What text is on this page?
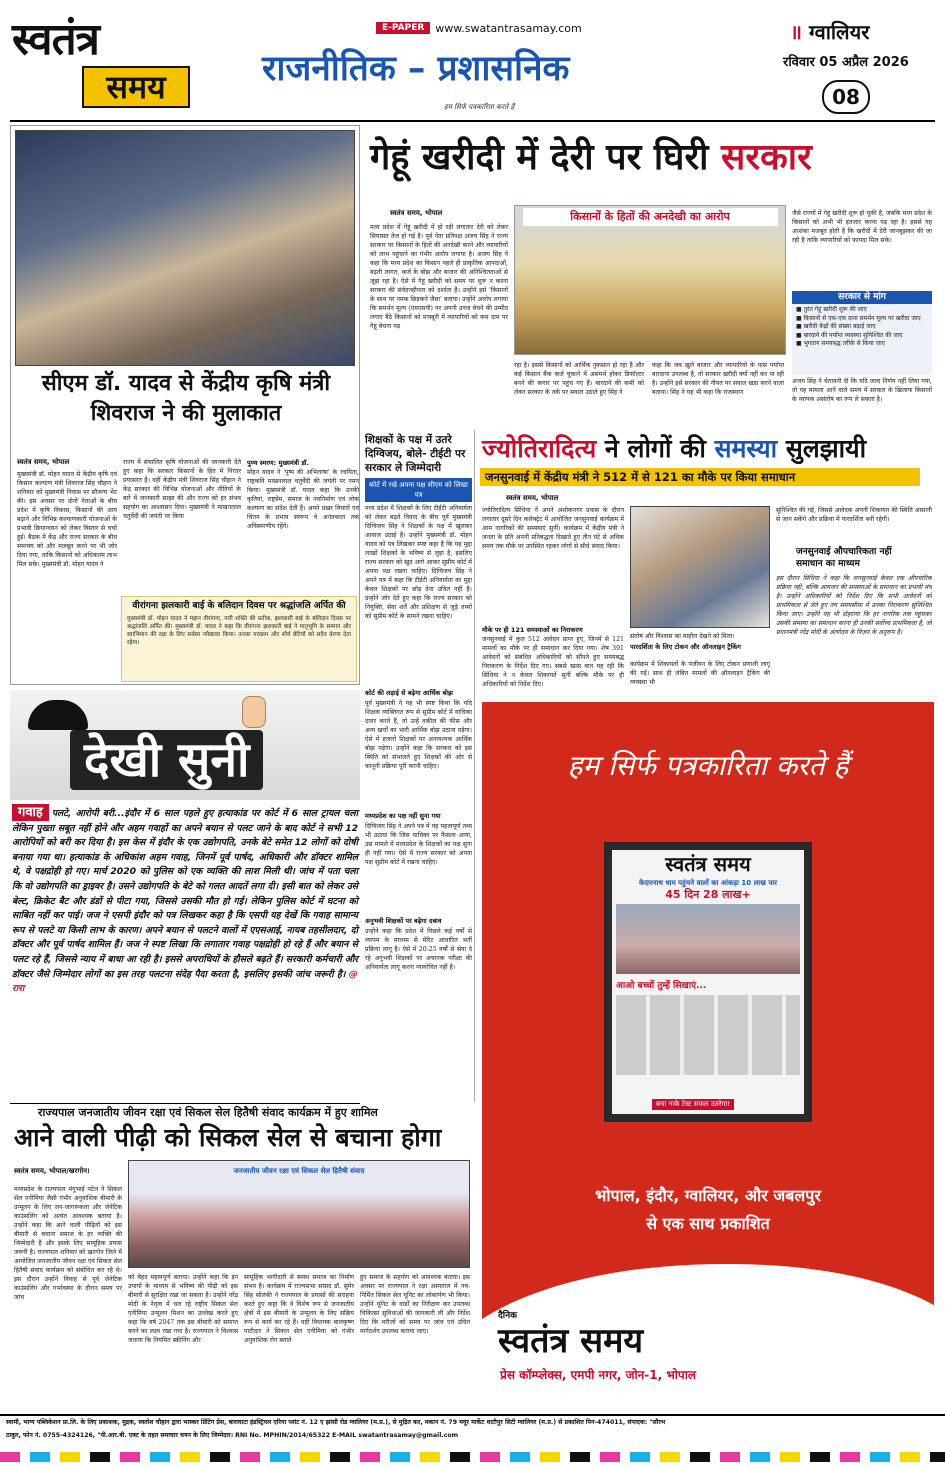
स्वतंत्र
समय
E-PAPER	www.swatantrasamay.com
राजनीतिक – प्रशासनिक
॥ ग्वालियर
रविवार 05 अप्रैल 2026
08
हम सिर्फ पत्रकारिता करते हैं
सीएम डॉ. यादव से केंद्रीय कृषि मंत्री शिवराज ने की मुलाकात
स्वतंत्र समय, भोपाल
मुख्यमंत्री डॉ. मोहन यादव से केंद्रीय कृषि एवं किसान कल्याण मंत्री शिवराज सिंह चौहान ने शनिवार को मुख्यमंत्री निवास पर सौजन्य भेंट की। इस अवसर पर दोनों नेताओं के बीच प्रदेश में कृषि विकास, किसानों की आय बढ़ाने और विभिन्न कल्याणकारी योजनाओं के प्रभावी क्रियान्वयन को लेकर विस्तार से चर्चा हुई। बैठक में केंद्र और राज्य सरकार के बीच समन्वय को और मजबूत करने पर भी जोर दिया गया, ताकि किसानों को अधिकतम लाभ मिल सके। मुख्यमंत्री डॉ. मोहन यादव ने
राज्य में संचालित कृषि योजनाओं की जानकारी देते हुए कहा कि सरकार किसानों के हित में निरंतर प्रयासरत है। वहीं केंद्रीय मंत्री शिवराज सिंह चौहान ने केंद्र सरकार की विभिन्न योजनाओं और नीतियों के बारे में जानकारी साझा की और राज्य को हर संभव सहयोग का आश्वासन दिया। मुख्यमंत्री ने माखनलाल चतुर्वेदी की जयंती पर किया
पुण्य स्मरण: मुख्यमंत्री डॉ.
मोहन यादव ने 'पुष्प की अभिलाषा' के रचयिता, राष्ट्रकवि माखनलाल चतुर्वेदी की जयंती पर नमन किया। मुख्यमंत्री डॉ. यादव कहा कि उनकी कृतियां, राष्ट्रप्रेम, समाज के नवनिर्माण एवं लोक कल्याण का संदेश देती हैं। अपने प्रखर विचारों एवं चिंतन के प्रभाव स्वरूप वे अनंतकाल तक अविस्मरणीय रहेंगे।
वीरांगना झलकारी बाई के बलिदान दिवस पर श्रद्धांजलि अर्पित की
मुख्यमंत्री डॉ. मोहन यादव ने महान वीरांगना, नारी शक्ति की प्रतीक, झलकारी बाई के बलिदान दिवस पर श्रद्धांजलि अर्पित की। मुख्यमंत्री डॉ. यादव ने कहा कि वीरांगना झलकारी बाई ने मातृभूमि के सम्मान और स्वाभिमान की रक्षा के लिए सर्वस्व न्यौछावर किया। उनका पराक्रम और शौर्य बेटियों को सदैव प्रेरणा देता रहेगा।
गेहूं खरीदी में देरी पर घिरी सरकार
स्वतंत्र समय, भोपाल
मध्य प्रदेश में गेहूं खरीदी में हो रही लगातार देरी को लेकर सियासत तेज हो गई है। पूर्व नेता प्रतिपक्ष अजय सिंह ने राज्य सरकार पर किसानों के हितों की अनदेखी करने और व्यापारियों को लाभ पहुंचाने का गंभीर आरोप लगाया है। अजय सिंह ने कहा कि मध्य प्रदेश का किसान पहले ही प्राकृतिक आपदाओं, बढ़ती लागत, कर्ज के बोझ और बाजार की अनिश्चितताओं से जूझ रहा है। ऐसे में गेहूं खरीदी को समय पर शुरू न करना सरकार की संवेदनहीनता को दर्शाता है। उन्होंने इसे 'किसानों के साथ पर नमक छिड़कने जैसा' बताया। उन्होंने आरोप लगाया कि समर्थन मूल्य (एमएसपी) पर अपनी उपज बेचने की उम्मीद लगाए बैठे किसानों को मजबूरी में व्यापारियों को कम दाम पर गेहूं बेचना पड़
किसानों के हितों की अनदेखी का आरोप
रहा है। इससे किसानों को आर्थिक नुकसान हो रहा है और कई किसान बैंक कर्ज चुकाने में असमर्थ होकर डिफॉल्टर बनने की कगार पर पहुंच गए हैं। बारदाने की कमी को लेकर सरकार के तर्क पर सवाल उठाते हुए सिंह ने
कहा कि जब खुले बाजार और व्यापारियों के पास पर्याप्त बारदाना उपलब्ध है, तो सरकार खरीदी क्यों नहीं कर पा रही है। उन्होंने इसे सरकार की नीयत पर सवाल खड़ा करने वाला बताया। सिंह ने यह भी कहा कि राजस्थान
जैसे राज्यों में गेहूं खरीदी शुरू हो चुकी है, जबकि मध्य प्रदेश के किसानों को अभी भी इंतजार करना पड़ रहा है। इससे यह आशंका मजबूत होती है कि खरीदी में देरी जानबूझकर की जा रही है ताकि व्यापारियों को फायदा मिल सके।
सरकार से मांग
■ तुरंत गेहूं खरीदी शुरू की जाए
■ किसानों से एक-एक दाना समर्थन मूल्य पर खरीदा जाए
■ खरीदी केंद्रों की संख्या बढ़ाई जाए
■ बारदाने की पर्याप्त व्यवस्था सुनिश्चित की जाए
■ भुगतान समयबद्ध तरीके से किया जाए
अजय सिंह ने चेतावनी दी कि यदि जल्द निर्णय नहीं लिया गया, तो यह मामला आने वाले समय में सरकार के खिलाफ किसानों के व्यापक असंतोष का रूप ले सकता है।
शिक्षकों के पक्ष में उतरे दिग्विजय, बोले- टीईटी पर सरकार ले जिम्मेदारी
कोर्ट में रखे अपना पक्ष सीएम को लिखा पत्र
मध्य प्रदेश में शिक्षकों के लिए टीईटी अनिवार्यता को लेकर बढ़ते विवाद के बीच पूर्व मुख्यमंत्री दिग्विजय सिंह ने शिक्षकों के पक्ष में खुलकर आवाज उठाई है। उन्होंने मुख्यमंत्री डॉ. मोहन यादव को पत्र लिखकर स्पष्ट कहा है कि यह मुद्दा लाखों शिक्षकों के भविष्य से जुड़ा है, इसलिए राज्य सरकार को खुद आगे आकर सुप्रीम कोर्ट में अपना पक्ष रखना चाहिए। दिग्विजय सिंह ने अपने पत्र में कहा कि टीईटी अनिवार्यता का मुद्दा केवल शिक्षकों पर छोड़ देना उचित नहीं है। उन्होंने जोर देते हुए कहा कि राज्य सरकार को नियुक्ति, सेवा शर्तें और प्रशिक्षण से जुड़े तथ्यों को सुप्रीम कोर्ट के सामने रखना चाहिए।
कोर्ट की लड़ाई से बढ़ेगा आर्थिक बोझ
पूर्व मुख्यमंत्री ने यह भी स्पष्ट किया कि यदि शिक्षक व्यक्तिगत रूप से सुप्रीम कोर्ट में याचिका दायर करते हैं, तो उन्हें वकील की फीस और अन्य खर्चों का भारी आर्थिक बोझ उठाना पड़ेगा। ऐसे में हजारों शिक्षकों पर अनावश्यक आर्थिक बोझ पड़ेगा। उन्होंने कहा कि सरकार को इस स्थिति को संभालते हुए शिक्षकों की ओर से कानूनी प्रक्रिया पूरी करनी चाहिए।
मध्यप्रदेश का पक्ष नहीं सुना गया
दिग्विजय सिंह ने अपने पत्र में यह महत्वपूर्ण तथ्य भी उठाया कि जिस याचिका पर फैसला आया, उस मामले में मध्यप्रदेश के शिक्षकों का पक्ष सुना ही नहीं गया। ऐसे में राज्य सरकार को अपना पक्ष सुप्रीम कोर्ट में रखना चाहिए।
अनुभवी शिक्षकों पर बढ़ेगा दबाव
उन्होंने कहा कि प्रदेश में पिछले कई वर्षों से व्यापम के माध्यम से मेरिट आधारित भर्ती प्रक्रिया लागू है। ऐसे में 20-25 वर्षों से सेवा दे रहे अनुभवी शिक्षकों पर अचानक परीक्षा की अनिवार्यता लागू करना न्यायोचित नहीं है।
ज्योतिरादित्य ने लोगों की समस्या सुलझायी
जनसुनवाई में केंद्रीय मंत्री ने 512 में से 121 का मौके पर किया समाधान
स्वतंत्र समय, भोपाल
ज्योतिरादित्य सिंधिया ने अपने अशोकनगर प्रवास के दौरान लगातार दूसरे दिन कलेक्ट्रेट में आयोजित जनसुनवाई कार्यक्रम में आम नागरिकों की समस्याएं सुनीं। कार्यक्रम में केंद्रीय मंत्री ने जनता के प्रति अपनी प्रतिबद्धता दिखाते हुए तीन घंटे से अधिक समय तक मौके पर उपस्थित रहकर लोगों से सीधे संवाद किया।
मौके पर ही 121 समस्याओं का निराकरण
जनसुनवाई में कुल 512 आवेदन प्राप्त हुए, जिनमें से 121 मामलों का मौके पर ही समाधान कर दिया गया। शेष 391 आवेदनों को संबंधित अधिकारियों को सौंपते हुए समयबद्ध निराकरण के निर्देश दिए गए। सबसे खास बात यह रही कि सिंधिया ने न केवल शिकायतें सुनीं बल्कि मौके पर ही अधिकारियों को निर्देश दिए।
संतोष और विश्वास का माहौल देखने को मिला।
पारदर्शिता के लिए टोकन और ऑनलाइन ट्रैकिंग
कार्यक्रम में शिकायतों के पंजीयन के लिए टोकन प्रणाली लागू की गई। साथ ही लंबित मामलों की ऑनलाइन ट्रैकिंग की व्यवस्था भी
सुनिश्चित की गई, जिससे आवेदक अपनी शिकायत की स्थिति आसानी से जान सकेंगे और प्रक्रिया में पारदर्शिता बनी रहेगी।
जनसुनवाई औपचारिकता नहीं समाधान का माध्यम
इस दौरान सिंधिया ने कहा कि जनसुनवाई केवल एक औपचारिक प्रक्रिया नहीं, बल्कि आमजन की समस्याओं के समाधान का प्रभावी मंच है। उन्होंने अधिकारियों को निर्देश दिए कि सभी आवेदनों को प्राथमिकता से लेते हुए तय समयसीमा में उनका निराकरण सुनिश्चित किया जाए। उन्होंने यह भी दोहराया कि हर नागरिक तक पहुंचकर उसकी समस्या का समाधान करना ही उनकी सर्वोच्च प्राथमिकता है, जो प्रधानमंत्री नरेंद्र मोदी के अंत्योदय के विज़न के अनुरूप है।
देखी सुनी
गवाह पलटे, आरोपी बरी...इंदौर में 6 साल पहले हुए हत्याकांड पर कोर्ट में 6 साल ट्रायल चला लेकिन पुख्ता सबूत नहीं होने और अहम गवाहों का अपने बयान से पलट जाने के बाद कोर्ट ने सभी 12 आरोपियों को बरी कर दिया है। इस केस में इंदौर के एक उद्योगपति, उनके बेटे समेत 12 लोगों को दोषी बनाया गया था। हत्याकांड के अधिकांश अहम गवाह, जिनमें पूर्व पार्षद, अधिकारी और डॉक्टर शामिल थे, वे पक्षद्रोही हो गए। मार्च 2020 को पुलिस को एक व्यक्ति की लाश मिली थी। जांच में पता चला कि वो उद्योगपति का ड्राइवर है। उसने उद्योगपति के बेटे को गलत आदतें लगा दी। इसी बात को लेकर उसे बेल्ट, क्रिकेट बैट और डंडों से पीटा गया, जिससे उसकी मौत हो गई। लेकिन पुलिस कोर्ट में घटना को साबित नहीं कर पाई। जज ने एसपी इंदौर को पत्र लिखकर कहा है कि एसपी यह देखें कि गवाह सामान्य रूप से पलटे या किसी लाभ के कारण। अपने बयान से पलटने वालों में एएसआई, नायब तहसीलदार, दो डॉक्टर और पूर्व पार्षद शामिल हैं। जज ने स्पष्ट लिखा कि लगातार गवाह पक्षद्रोही हो रहे हैं और बयान से पलट रहे हैं, जिससे न्याय में बाधा आ रही है। इससे अपराधियों के हौसले बढ़ते हैं। सरकारी कर्मचारी और डॉक्टर जैसे जिम्मेदार लोगों का इस तरह पलटना संदेह पैदा करता है, इसलिए इसकी जांच जरूरी है। @ रारा
राज्यपाल जनजातीय जीवन रक्षा एवं सिकल सेल हितैषी संवाद कार्यक्रम में हुए शामिल
आने वाली पीढ़ी को सिकल सेल से बचाना होगा
स्वतंत्र समय, भोपाल/खरगोन।
मध्यप्रदेश के राज्यपाल मंगुभाई पटेल ने सिकल सेल एनीमिया जैसी गंभीर अनुवांशिक बीमारी के उन्मूलन के लिए जन-जागरूकता और जेनेटिक काउंसलिंग को अत्यंत आवश्यक बताया है। उन्होंने कहा कि आने वाली पीढ़ियों को इस बीमारी से बचाना समाज के हर व्यक्ति की जिम्मेदारी है और इसके लिए सामूहिक प्रयास जरूरी है। राज्यपाल शनिवार को खरगोन जिले में आयोजित जनजातीय जीवन रक्षा एवं सिकल सेल हितैषी संवाद कार्यक्रम को संबोधित कर रहे थे। इस दौरान उन्होंने विवाह से पूर्व जेनेटिक काउंसलिंग और गर्भावस्था के दौरान समय पर जांच
जनजातीय जीवन रक्षा एवं सिकल सेल हितैषी संवाद
को बेहद महत्वपूर्ण बताया। उन्होंने कहा कि इन उपायों के माध्यम से भविष्य की पीढ़ी को इस बीमारी से सुरक्षित रखा जा सकता है। उन्होंने नरेंद्र मोदी के नेतृत्व में चल रहे राष्ट्रीय सिकल सेल एनीमिया उन्मूलन मिशन का उल्लेख करते हुए कहा कि वर्ष 2047 तक इस बीमारी को समाप्त करने का लक्ष्य रखा गया है। राज्यपाल ने विश्वास जताया कि नियमित स्क्रीनिंग और
सामूहिक भागीदारी से स्वस्थ समाज का निर्माण संभव है। कार्यक्रम में राज्यसभा सांसद डॉ. सुमेर सिंह सोलंकी ने राज्यपाल के प्रयासों की सराहना करते हुए कहा कि वे विशेष रूप से जनजातीय क्षेत्रों में इस बीमारी के उन्मूलन के लिए सक्रिय रूप से कार्य कर रहे हैं। वहीं विधायक बालकृष्ण पाटीदार ने सिकल सेल एनीमिया को गंभीर अनुवांशिक रोग बताते
हुए समाज के सहयोग को आवश्यक बताया। इस अवसर पर राज्यपाल ने रक्षा अस्पताल में नव-निर्मित सिकल सेल यूनिट का लोकार्पण भी किया। उन्होंने यूनिट के वार्डों का निरीक्षण कर उपलब्ध चिकित्सा सुविधाओं की जानकारी ली और निर्देश दिए कि मरीजों को समय पर जांच एवं उचित मार्गदर्शन उपलब्ध कराया जाए।
हम सिर्फ पत्रकारिता करते हैं
स्वतंत्र समय
केदारनाथ धाम पहुंचने वालों का आंकड़ा 10 लाख पार
45 दिन 28 लाख+
आओ बच्चों तुम्हें सिखाएं...
बचा नाके टेस्ट सफल उतरेगा!
भोपाल, इंदौर, ग्वालियर, और जबलपुर
से एक साथ प्रकाशित
दैनिक
स्वतंत्र समय
प्रेस कॉम्प्लेक्स, एमपी नगर, जोन-1, भोपाल
स्वामी, भाग्य पब्लिकेशन प्रा.लि. के लिए प्रकाशक, मुद्रक, स्वतोश चौहान द्वारा भास्कर प्रिंटिंग प्रेस, बाराघाटा इंडस्ट्रियल एरिया प्लांट नं. 12 ए झांसी रोड ग्वालियर (म.प्र.), से मुद्रित कर, मकान नं. 79 मयूर मार्केट थाटीपुर सिटी ग्वालियर (म.प्र.) से प्रकाशित पिन-474011, संपादक: "सौरभ
ठाकुर, फोन नं. 0755-4324126, "पी.आर.बी. एक्ट के तहत समाचार चयन के लिए जिम्मेदार। RNI No. MPHIN/2014/65322 E-MAIL swatantrasamay@gmail.com
